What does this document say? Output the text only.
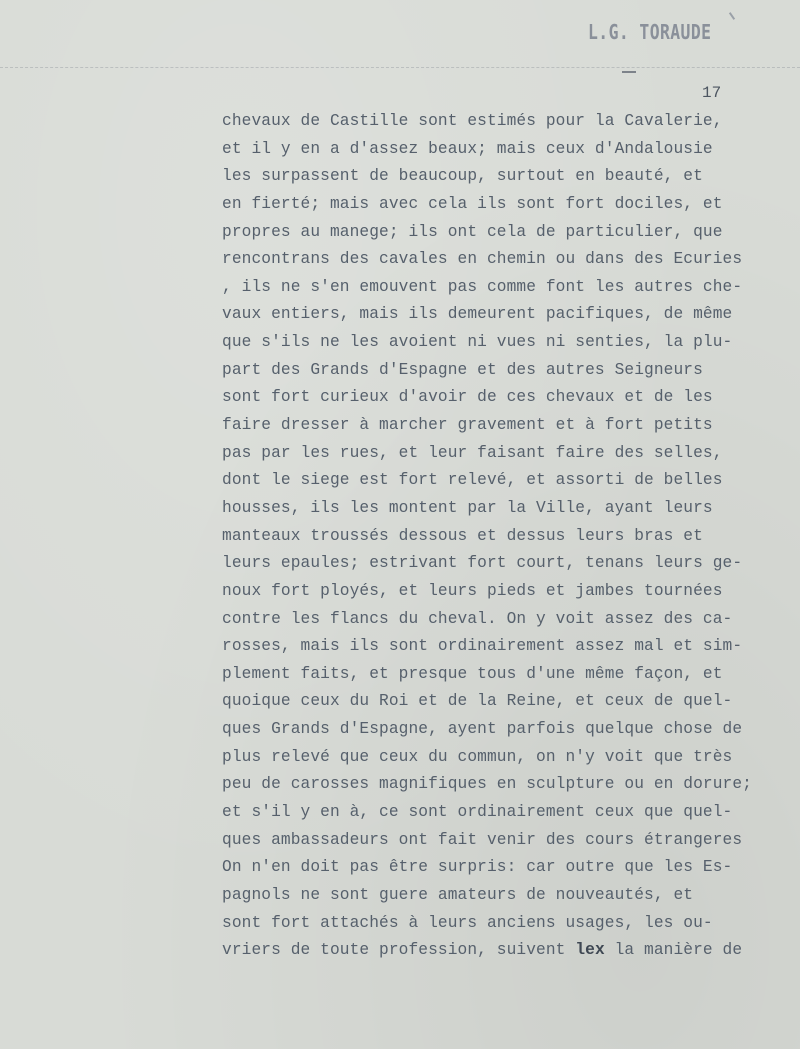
L.G. TORAUDE
17
chevaux de Castille sont estimés pour la Cavalerie,
et il y en a d'assez beaux; mais ceux d'Andalousie
les surpassent de beaucoup, surtout en beauté, et
en fierté; mais avec cela ils sont fort dociles, et
propres au manege; ils ont cela de particulier, que
rencontrans des cavales en chemin ou dans des Ecuries
, ils ne s'en emouvent pas comme font les autres che-
vaux entiers, mais ils demeurent pacifiques, de même
que s'ils ne les avoient ni vues ni senties, la plu-
part des Grands d'Espagne et des autres Seigneurs
sont fort curieux d'avoir de ces chevaux et de les
faire dresser à marcher gravement et à fort petits
pas par les rues, et leur faisant faire des selles,
dont le siege est fort relevé, et assorti de belles
housses, ils les montent par la Ville, ayant leurs
manteaux troussés dessous et dessus leurs bras et
leurs epaules; estrivant fort court, tenans leurs ge-
noux fort ployés, et leurs pieds et jambes tournées
contre les flancs du cheval. On y voit assez des ca-
rosses, mais ils sont ordinairement assez mal et sim-
plement faits, et presque tous d'une même façon, et
quoique ceux du Roi et de la Reine, et ceux de quel-
ques Grands d'Espagne, ayent parfois quelque chose de
plus relevé que ceux du commun, on n'y voit que très
peu de carosses magnifiques en sculpture ou en dorure;
et s'il y en à, ce sont ordinairement ceux que quel-
ques ambassadeurs ont fait venir des cours étrangeres
On n'en doit pas être surpris: car outre que les Es-
pagnols ne sont guere amateurs de nouveautés, et
sont fort attachés à leurs anciens usages, les ou-
vriers de toute profession, suivent lex la manière de
